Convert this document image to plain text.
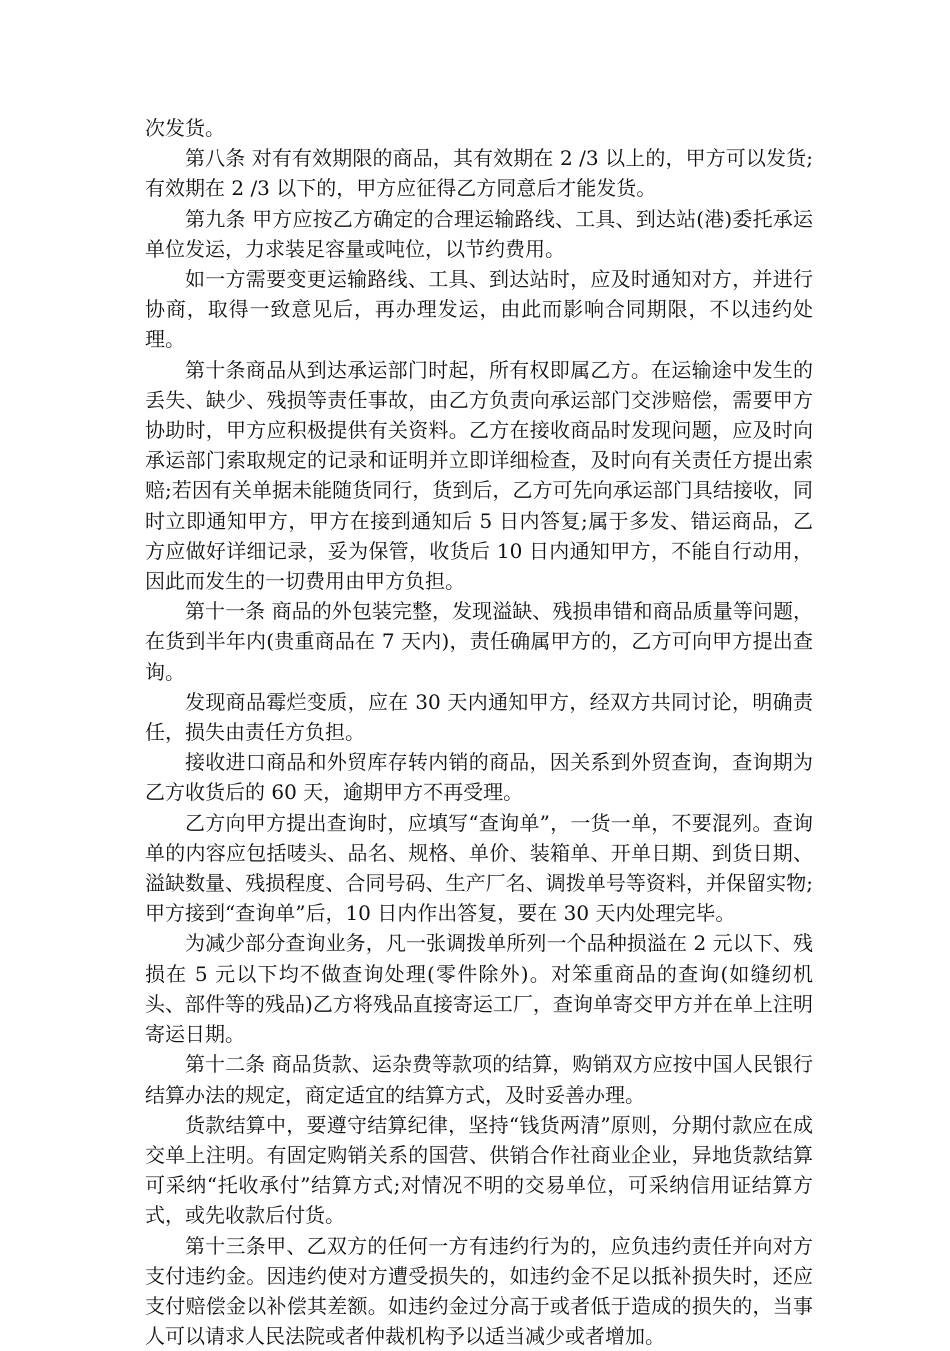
次发货。

第八条 对有有效期限的商品，其有效期在 2 /3 以上的，甲方可以发货;有效期在 2 /3 以下的，甲方应征得乙方同意后才能发货。

第九条 甲方应按乙方确定的合理运输路线、工具、到达站(港)委托承运单位发运，力求装足容量或吨位，以节约费用。

如一方需要变更运输路线、工具、到达站时，应及时通知对方，并进行协商，取得一致意见后，再办理发运，由此而影响合同期限，不以违约处理。

第十条商品从到达承运部门时起，所有权即属乙方。在运输途中发生的丢失、缺少、残损等责任事故，由乙方负责向承运部门交涉赔偿，需要甲方协助时，甲方应积极提供有关资料。乙方在接收商品时发现问题，应及时向承运部门索取规定的记录和证明并立即详细检查，及时向有关责任方提出索赔;若因有关单据未能随货同行，货到后，乙方可先向承运部门具结接收，同时立即通知甲方，甲方在接到通知后 5 日内答复;属于多发、错运商品，乙方应做好详细记录，妥为保管，收货后 10 日内通知甲方，不能自行动用，因此而发生的一切费用由甲方负担。

第十一条 商品的外包装完整，发现溢缺、残损串错和商品质量等问题，在货到半年内(贵重商品在 7 天内)，责任确属甲方的，乙方可向甲方提出查询。

发现商品霉烂变质，应在 30 天内通知甲方，经双方共同讨论，明确责任，损失由责任方负担。

接收进口商品和外贸库存转内销的商品，因关系到外贸查询，查询期为乙方收货后的 60 天，逾期甲方不再受理。

乙方向甲方提出查询时，应填写“查询单”，一货一单，不要混列。查询单的内容应包括唛头、品名、规格、单价、装箱单、开单日期、到货日期、溢缺数量、残损程度、合同号码、生产厂名、调拨单号等资料，并保留实物;甲方接到“查询单”后，10 日内作出答复，要在 30 天内处理完毕。

为减少部分查询业务，凡一张调拨单所列一个品种损溢在 2 元以下、残损在 5 元以下均不做查询处理(零件除外)。对笨重商品的查询(如缝纫机头、部件等的残品)乙方将残品直接寄运工厂，查询单寄交甲方并在单上注明寄运日期。

第十二条 商品货款、运杂费等款项的结算，购销双方应按中国人民银行结算办法的规定，商定适宜的结算方式，及时妥善办理。

货款结算中，要遵守结算纪律，坚持“钱货两清”原则，分期付款应在成交单上注明。有固定购销关系的国营、供销合作社商业企业，异地货款结算可采纳“托收承付”结算方式;对情况不明的交易单位，可采纳信用证结算方式，或先收款后付货。

第十三条甲、乙双方的任何一方有违约行为的，应负违约责任并向对方支付违约金。因违约使对方遭受损失的，如违约金不足以抵补损失时，还应支付赔偿金以补偿其差额。如违约金过分高于或者低于造成的损失的，当事人可以请求人民法院或者仲裁机构予以适当减少或者增加。
